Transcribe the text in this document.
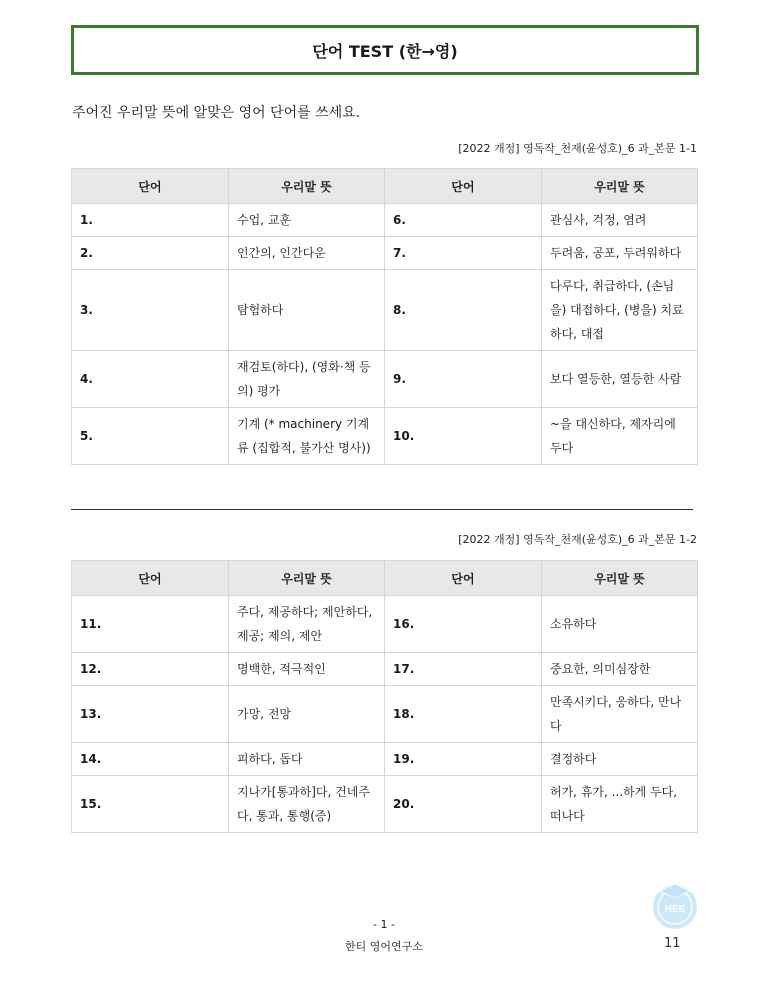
단어 TEST (한→영)
주어진 우리말 뜻에 알맞은 영어 단어를 쓰세요.
[2022 개정] 영독작_천재(윤성호)_6 과_본문 1-1
단어	우리말 뜻	단어	우리말 뜻
1.	수업, 교훈	6.	관심사, 걱정, 염려
2.	인간의, 인간다운	7.	두려움, 공포, 두려워하다
3.	탐험하다	8.	다루다, 취급하다, (손님을) 대접하다, (병을) 치료하다, 대접
4.	재검토(하다), (영화·책 등의) 평가	9.	보다 열등한, 열등한 사람
5.	기계 (* machinery 기계류 (집합적, 불가산 명사))	10.	~을 대신하다, 제자리에 두다
[2022 개정] 영독작_천재(윤성호)_6 과_본문 1-2
단어	우리말 뜻	단어	우리말 뜻
11.	주다, 제공하다; 제안하다, 제공; 제의, 제안	16.	소유하다
12.	명백한, 적극적인	17.	중요한, 의미심장한
13.	가망, 전망	18.	만족시키다, 응하다, 만나다
14.	피하다, 돕다	19.	결정하다
15.	지나가[통과하]다, 건네주다, 통과, 통행(증)	20.	허가, 휴가, ...하게 두다, 떠나다
- 1 -
한티 영어연구소
HEE
11
